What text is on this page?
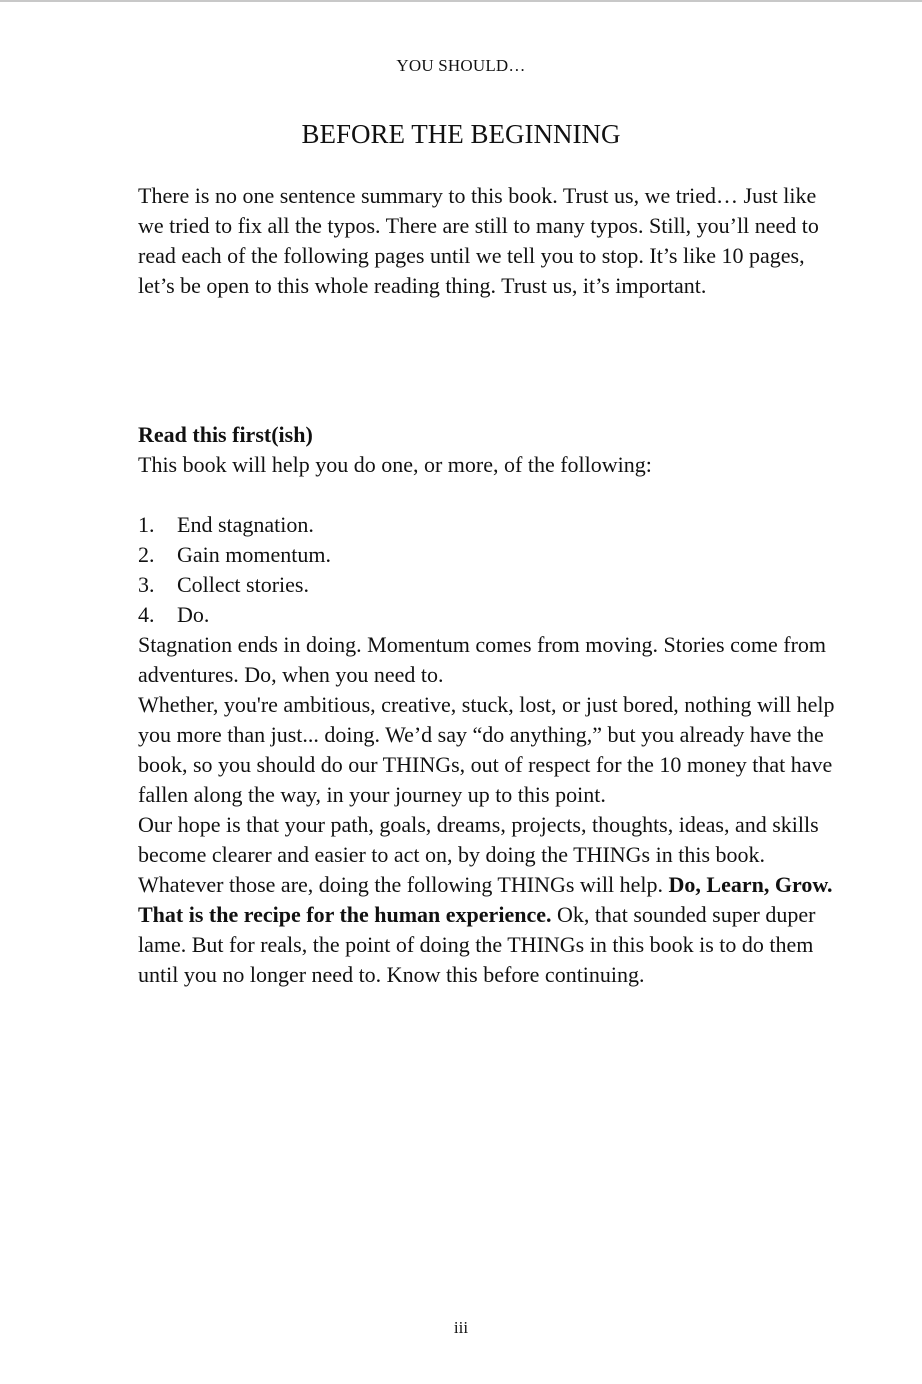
YOU SHOULD…
BEFORE THE BEGINNING

There is no one sentence summary to this book. Trust us, we tried… Just like we tried to fix all the typos. There are still to many typos. Still, you’ll need to read each of the following pages until we tell you to stop. It’s like 10 pages, let’s be open to this whole reading thing. Trust us, it’s important.

Read this first(ish)

This book will help you do one, or more, of the following:

1. End stagnation.
2. Gain momentum.
3. Collect stories.
4. Do.

Stagnation ends in doing. Momentum comes from moving. Stories come from adventures. Do, when you need to.

Whether, you're ambitious, creative, stuck, lost, or just bored, nothing will help you more than just... doing. We’d say “do anything,” but you already have the book, so you should do our THINGs, out of respect for the 10 money that have fallen along the way, in your journey up to this point.

Our hope is that your path, goals, dreams, projects, thoughts, ideas, and skills become clearer and easier to act on, by doing the THINGs in this book. Whatever those are, doing the following THINGs will help. Do, Learn, Grow. That is the recipe for the human experience. Ok, that sounded super duper lame. But for reals, the point of doing the THINGs in this book is to do them until you no longer need to. Know this before continuing.

iii
